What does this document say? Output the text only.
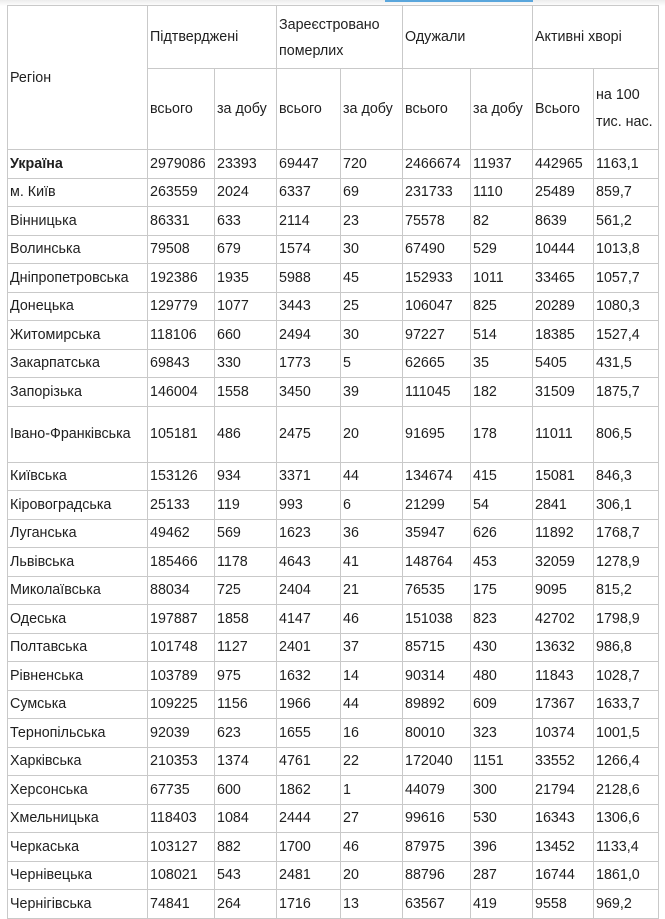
Регіон	Підтверджені		Зареєстровано померлих		Одужали		Активні хворі	
	всього	за добу	всього	за добу	всього	за добу	Всього	на 100 тис. нас.
Україна	2979086	23393	69447	720	2466674	11937	442965	1163,1
м. Київ	263559	2024	6337	69	231733	1110	25489	859,7
Вінницька	86331	633	2114	23	75578	82	8639	561,2
Волинська	79508	679	1574	30	67490	529	10444	1013,8
Дніпропетровська	192386	1935	5988	45	152933	1011	33465	1057,7
Донецька	129779	1077	3443	25	106047	825	20289	1080,3
Житомирська	118106	660	2494	30	97227	514	18385	1527,4
Закарпатська	69843	330	1773	5	62665	35	5405	431,5
Запорізька	146004	1558	3450	39	111045	182	31509	1875,7
Івано-Франківська	105181	486	2475	20	91695	178	11011	806,5
Київська	153126	934	3371	44	134674	415	15081	846,3
Кіровоградська	25133	119	993	6	21299	54	2841	306,1
Луганська	49462	569	1623	36	35947	626	11892	1768,7
Львівська	185466	1178	4643	41	148764	453	32059	1278,9
Миколаївська	88034	725	2404	21	76535	175	9095	815,2
Одеська	197887	1858	4147	46	151038	823	42702	1798,9
Полтавська	101748	1127	2401	37	85715	430	13632	986,8
Рівненська	103789	975	1632	14	90314	480	11843	1028,7
Сумська	109225	1156	1966	44	89892	609	17367	1633,7
Тернопільська	92039	623	1655	16	80010	323	10374	1001,5
Харківська	210353	1374	4761	22	172040	1151	33552	1266,4
Херсонська	67735	600	1862	1	44079	300	21794	2128,6
Хмельницька	118403	1084	2444	27	99616	530	16343	1306,6
Черкаська	103127	882	1700	46	87975	396	13452	1133,4
Чернівецька	108021	543	2481	20	88796	287	16744	1861,0
Чернігівська	74841	264	1716	13	63567	419	9558	969,2
